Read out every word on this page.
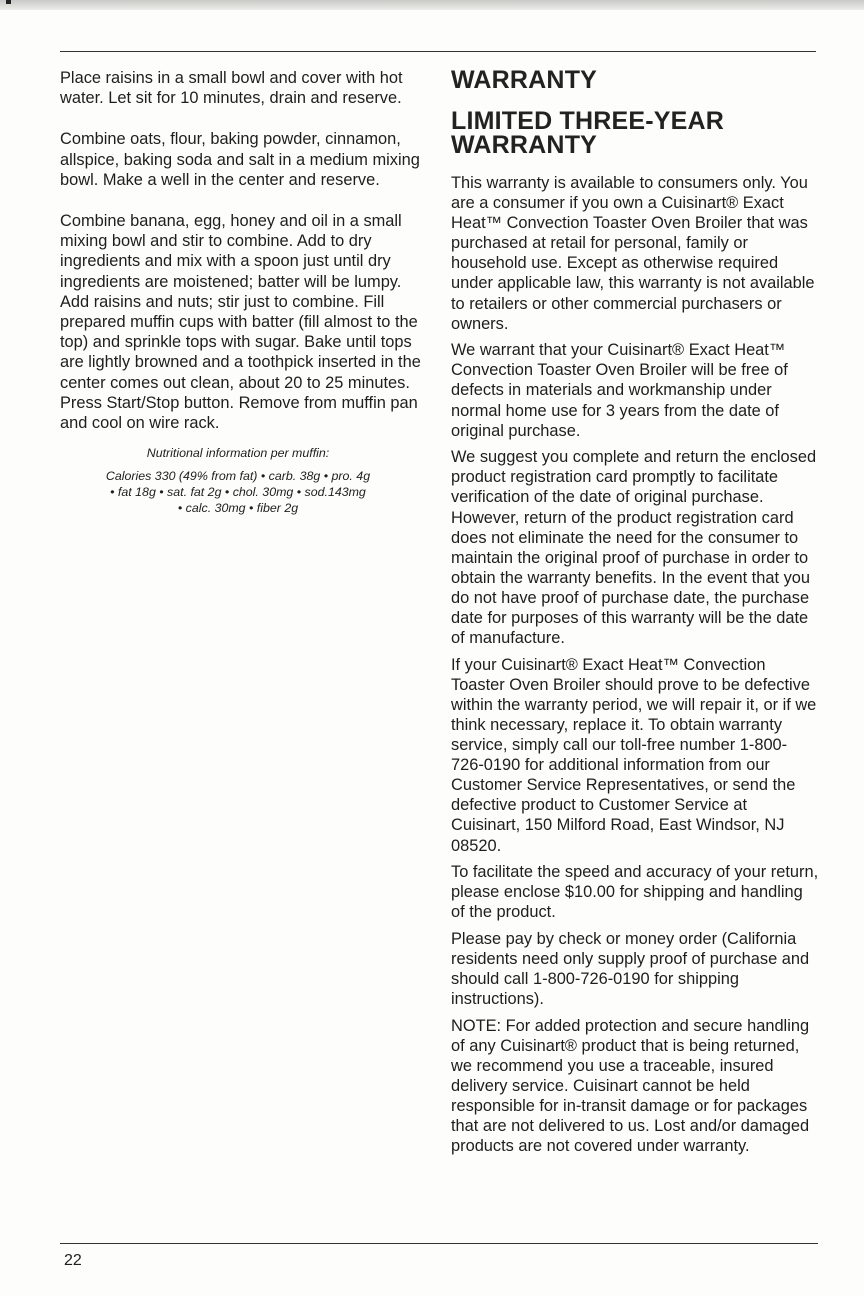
Place raisins in a small bowl and cover with hot water. Let sit for 10 minutes, drain and reserve.

Combine oats, flour, baking powder, cinnamon, allspice, baking soda and salt in a medium mixing bowl. Make a well in the center and reserve.

Combine banana, egg, honey and oil in a small mixing bowl and stir to combine. Add to dry ingredients and mix with a spoon just until dry ingredients are moistened; batter will be lumpy. Add raisins and nuts; stir just to combine. Fill prepared muffin cups with batter (fill almost to the top) and sprinkle tops with sugar. Bake until tops are lightly browned and a toothpick inserted in the center comes out clean, about 20 to 25 minutes. Press Start/Stop button. Remove from muffin pan and cool on wire rack.

Nutritional information per muffin:
Calories 330 (49% from fat) • carb. 38g • pro. 4g
• fat 18g • sat. fat 2g • chol. 30mg • sod.143mg
• calc. 30mg • fiber 2g
WARRANTY
LIMITED THREE-YEAR WARRANTY

This warranty is available to consumers only. You are a consumer if you own a Cuisinart® Exact Heat™ Convection Toaster Oven Broiler that was purchased at retail for personal, family or household use. Except as otherwise required under applicable law, this warranty is not available to retailers or other commercial purchasers or owners.

We warrant that your Cuisinart® Exact Heat™ Convection Toaster Oven Broiler will be free of defects in materials and workmanship under normal home use for 3 years from the date of original purchase.

We suggest you complete and return the enclosed product registration card promptly to facilitate verification of the date of original purchase. However, return of the product registration card does not eliminate the need for the consumer to maintain the original proof of purchase in order to obtain the warranty benefits. In the event that you do not have proof of purchase date, the purchase date for purposes of this warranty will be the date of manufacture.

If your Cuisinart® Exact Heat™ Convection Toaster Oven Broiler should prove to be defective within the warranty period, we will repair it, or if we think necessary, replace it. To obtain warranty service, simply call our toll-free number 1-800-726-0190 for additional information from our Customer Service Representatives, or send the defective product to Customer Service at Cuisinart, 150 Milford Road, East Windsor, NJ 08520.

To facilitate the speed and accuracy of your return, please enclose $10.00 for shipping and handling of the product.

Please pay by check or money order (California residents need only supply proof of purchase and should call 1-800-726-0190 for shipping instructions).

NOTE: For added protection and secure handling of any Cuisinart® product that is being returned, we recommend you use a traceable, insured delivery service. Cuisinart cannot be held responsible for in-transit damage or for packages that are not delivered to us. Lost and/or damaged products are not covered under warranty.

22
